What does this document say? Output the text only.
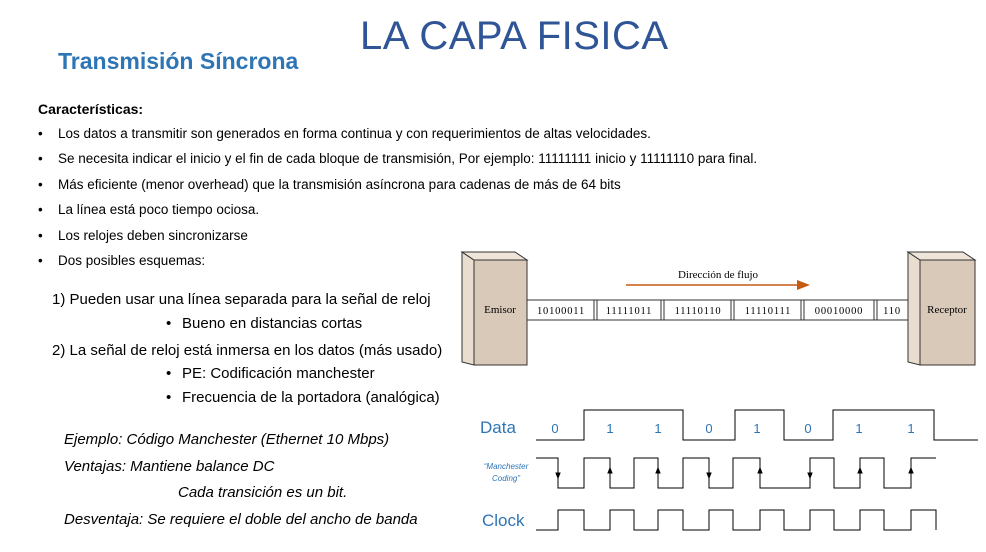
LA CAPA FISICA
Transmisión Síncrona
Características:
• Los datos a transmitir son generados en forma continua y con requerimientos de altas velocidades.
• Se necesita indicar el inicio y el fin de cada bloque de transmisión, Por ejemplo: 11111111 inicio y 11111110 para final.
• Más eficiente (menor overhead) que la transmisión asíncrona para cadenas de más de 64 bits
• La línea está poco tiempo ociosa.
• Los relojes deben sincronizarse
• Dos posibles esquemas:
1) Pueden usar una línea separada para la señal de reloj
• Bueno en distancias cortas
2) La señal de reloj está inmersa en los datos (más usado)
• PE: Codificación manchester
• Frecuencia de la portadora (analógica)
Ejemplo: Código Manchester (Ethernet 10 Mbps)
Ventajas: Mantiene balance DC
Cada transición es un bit.
Desventaja: Se requiere el doble del ancho de banda
Emisor	Receptor
10100011 11111011 11110110 11110111 00010000 110
Dirección de flujo
Data
“Manchester
Coding”
Clock
0	1	1	0	1	0	1	1
